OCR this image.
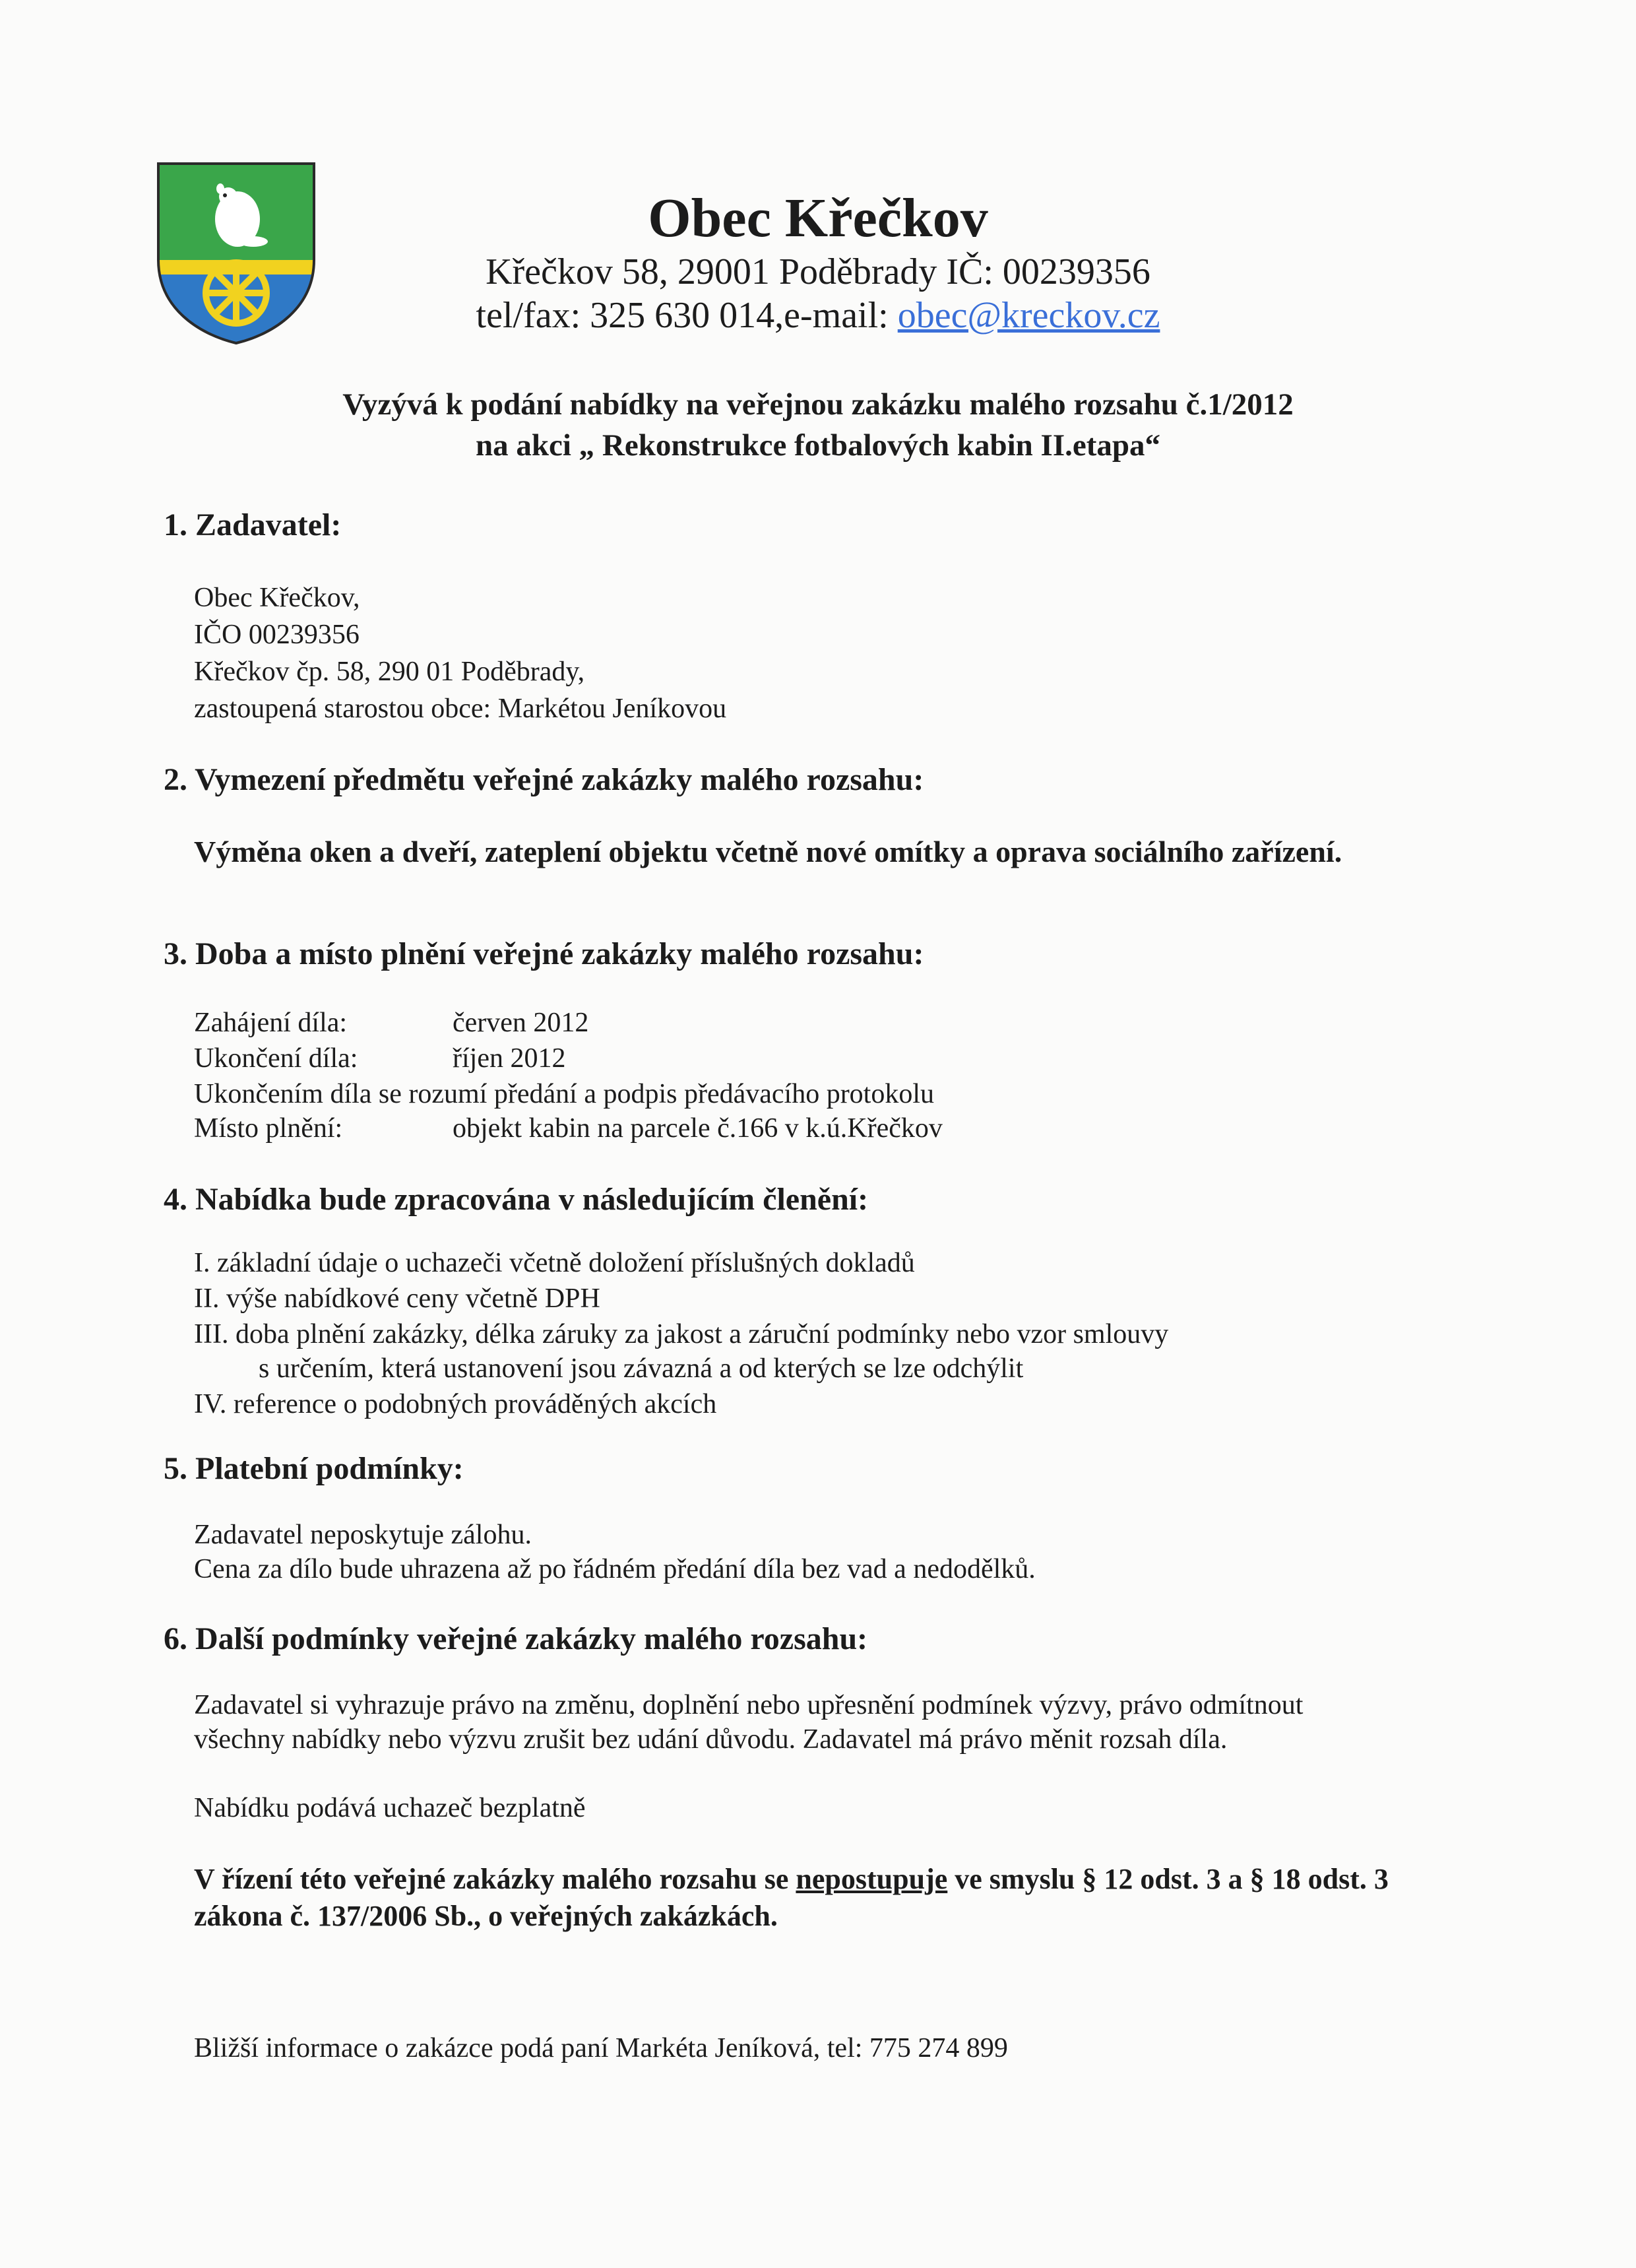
Obec Křečkov
Křečkov 58, 29001 Poděbrady IČ: 00239356
tel/fax: 325 630 014,e-mail: obec@kreckov.cz
Vyzývá k podání nabídky na veřejnou zakázku malého rozsahu č.1/2012
na akci „ Rekonstrukce fotbalových kabin II.etapa“
1. Zadavatel:
Obec Křečkov,
IČO 00239356
Křečkov čp. 58, 290 01 Poděbrady,
zastoupená starostou obce: Markétou Jeníkovou
2. Vymezení předmětu veřejné zakázky malého rozsahu:
Výměna oken a dveří, zateplení objektu včetně nové omítky a oprava sociálního zařízení.
3. Doba a místo plnění veřejné zakázky malého rozsahu:
Zahájení díla:	červen 2012
Ukončení díla:	říjen 2012
Ukončením díla se rozumí předání a podpis předávacího protokolu
Místo plnění:	objekt kabin na parcele č.166 v k.ú.Křečkov
4. Nabídka bude zpracována v následujícím členění:
I. základní údaje o uchazeči včetně doložení příslušných dokladů
II. výše nabídkové ceny včetně DPH
III. doba plnění zakázky, délka záruky za jakost a záruční podmínky nebo vzor smlouvy
s určením, která ustanovení jsou závazná a od kterých se lze odchýlit
IV. reference o podobných prováděných akcích
5. Platební podmínky:
Zadavatel neposkytuje zálohu.
Cena za dílo bude uhrazena až po řádném předání díla bez vad a nedodělků.
6. Další podmínky veřejné zakázky malého rozsahu:
Zadavatel si vyhrazuje právo na změnu, doplnění nebo upřesnění podmínek výzvy, právo odmítnout
všechny nabídky nebo výzvu zrušit bez udání důvodu. Zadavatel má právo měnit rozsah díla.
Nabídku podává uchazeč bezplatně
V řízení této veřejné zakázky malého rozsahu se nepostupuje ve smyslu § 12 odst. 3 a § 18 odst. 3
zákona č. 137/2006 Sb., o veřejných zakázkách.
Bližší informace o zakázce podá paní Markéta Jeníková, tel: 775 274 899
